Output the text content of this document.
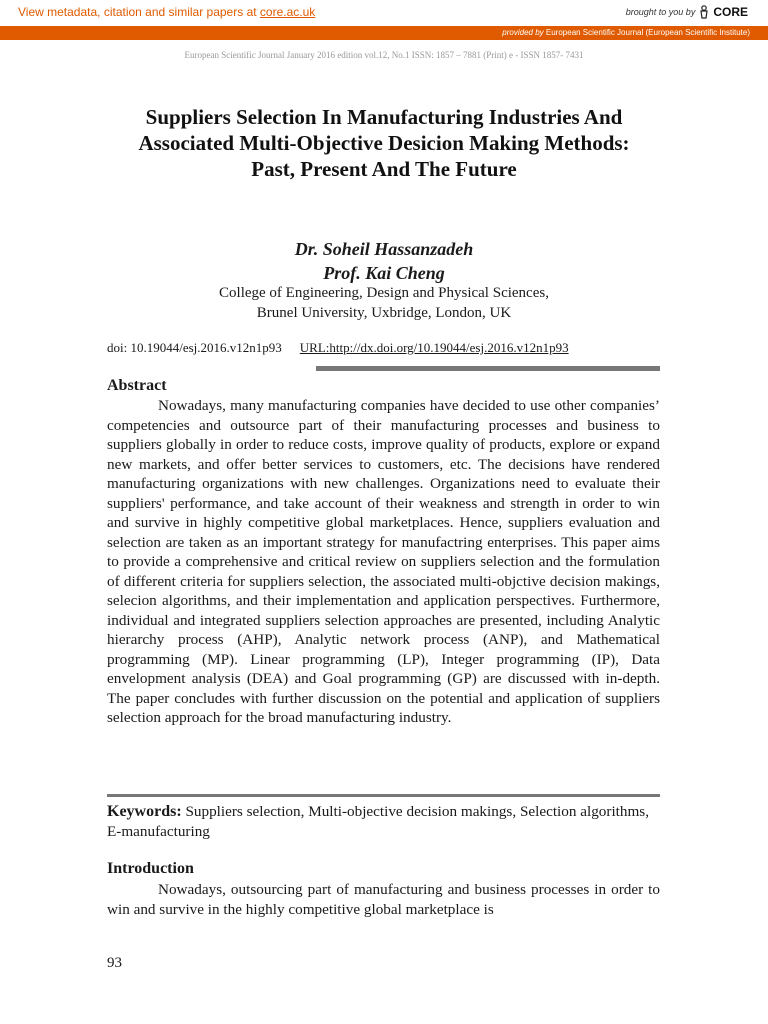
View metadata, citation and similar papers at core.ac.uk	brought to you by CORE
provided by European Scientific Journal (European Scientific Institute)
European Scientific Journal January 2016 edition vol.12, No.1 ISSN: 1857 – 7881 (Print) e - ISSN 1857- 7431
Suppliers Selection In Manufacturing Industries And
Associated Multi-Objective Desicion Making Methods:
Past, Present And The Future
Dr. Soheil Hassanzadeh
Prof. Kai Cheng
College of Engineering, Design and Physical Sciences,
Brunel University, Uxbridge, London, UK
doi: 10.19044/esj.2016.v12n1p93 URL:http://dx.doi.org/10.19044/esj.2016.v12n1p93
Abstract

Nowadays, many manufacturing companies have decided to use other companies’ competencies and outsource part of their manufacturing processes and business to suppliers globally in order to reduce costs, improve quality of products, explore or expand new markets, and offer better services to customers, etc. The decisions have rendered manufacturing organizations with new challenges. Organizations need to evaluate their suppliers' performance, and take account of their weakness and strength in order to win and survive in highly competitive global marketplaces. Hence, suppliers evaluation and selection are taken as an important strategy for manufactring enterprises. This paper aims to provide a comprehensive and critical review on suppliers selection and the formulation of different criteria for suppliers selection, the associated multi-objctive decision makings, selecion algorithms, and their implementation and application perspectives. Furthermore, individual and integrated suppliers selection approaches are presented, including Analytic hierarchy process (AHP), Analytic network process (ANP), and Mathematical programming (MP). Linear programming (LP), Integer programming (IP), Data envelopment analysis (DEA) and Goal programming (GP) are discussed with in-depth. The paper concludes with further discussion on the potential and application of suppliers selection approach for the broad manufacturing industry.

Keywords: Suppliers selection, Multi-objective decision makings, Selection algorithms, E-manufacturing

Introduction

Nowadays, outsourcing part of manufacturing and business processes in order to win and survive in the highly competitive global marketplace is

93
